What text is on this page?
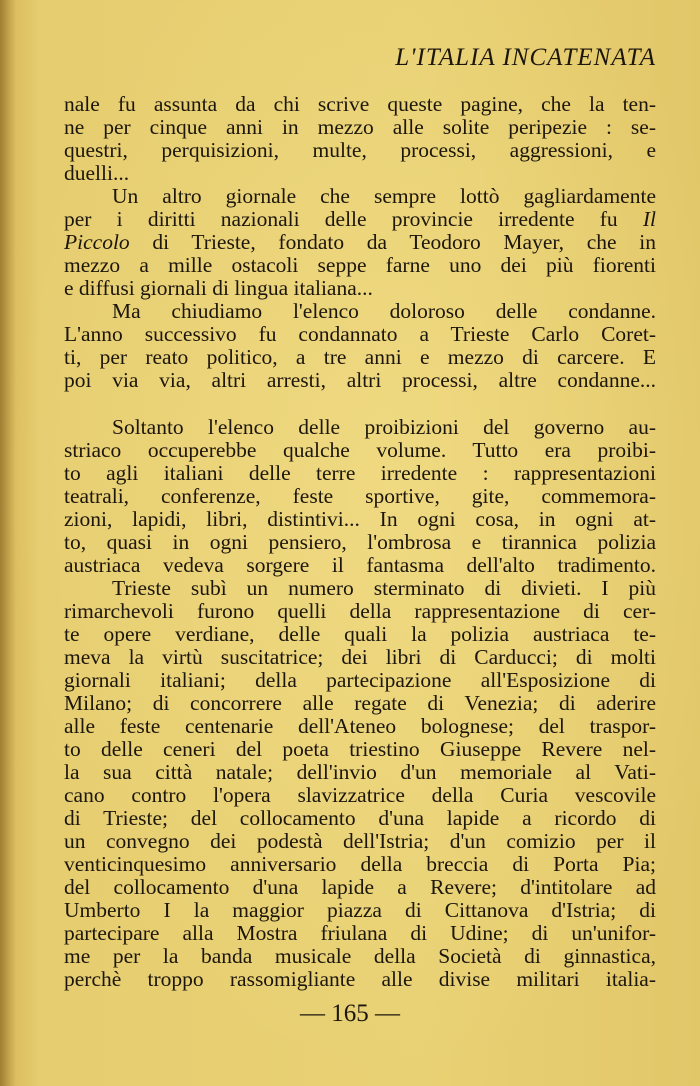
L'ITALIA INCATENATA
nale fu assunta da chi scrive queste pagine, che la ten-
ne per cinque anni in mezzo alle solite peripezie : se-
questri, perquisizioni, multe, processi, aggressioni, e
duelli...
Un altro giornale che sempre lottò gagliardamente
per i diritti nazionali delle provincie irredente fu Il
Piccolo di Trieste, fondato da Teodoro Mayer, che in
mezzo a mille ostacoli seppe farne uno dei più fiorenti
e diffusi giornali di lingua italiana...
Ma chiudiamo l'elenco doloroso delle condanne.
L'anno successivo fu condannato a Trieste Carlo Coret-
ti, per reato politico, a tre anni e mezzo di carcere. E
poi via via, altri arresti, altri processi, altre condanne...
Soltanto l'elenco delle proibizioni del governo au-
striaco occuperebbe qualche volume. Tutto era proibi-
to agli italiani delle terre irredente : rappresentazioni
teatrali, conferenze, feste sportive, gite, commemora-
zioni, lapidi, libri, distintivi... In ogni cosa, in ogni at-
to, quasi in ogni pensiero, l'ombrosa e tirannica polizia
austriaca vedeva sorgere il fantasma dell'alto tradimento.
Trieste subì un numero sterminato di divieti. I più
rimarchevoli furono quelli della rappresentazione di cer-
te opere verdiane, delle quali la polizia austriaca te-
meva la virtù suscitatrice; dei libri di Carducci; di molti
giornali italiani; della partecipazione all'Esposizione di
Milano; di concorrere alle regate di Venezia; di aderire
alle feste centenarie dell'Ateneo bolognese; del traspor-
to delle ceneri del poeta triestino Giuseppe Revere nel-
la sua città natale; dell'invio d'un memoriale al Vati-
cano contro l'opera slavizzatrice della Curia vescovile
di Trieste; del collocamento d'una lapide a ricordo di
un convegno dei podestà dell'Istria; d'un comizio per il
venticinquesimo anniversario della breccia di Porta Pia;
del collocamento d'una lapide a Revere; d'intitolare ad
Umberto I la maggior piazza di Cittanova d'Istria; di
partecipare alla Mostra friulana di Udine; di un'unifor-
me per la banda musicale della Società di ginnastica,
perchè troppo rassomigliante alle divise militari italia-
— 165 —
